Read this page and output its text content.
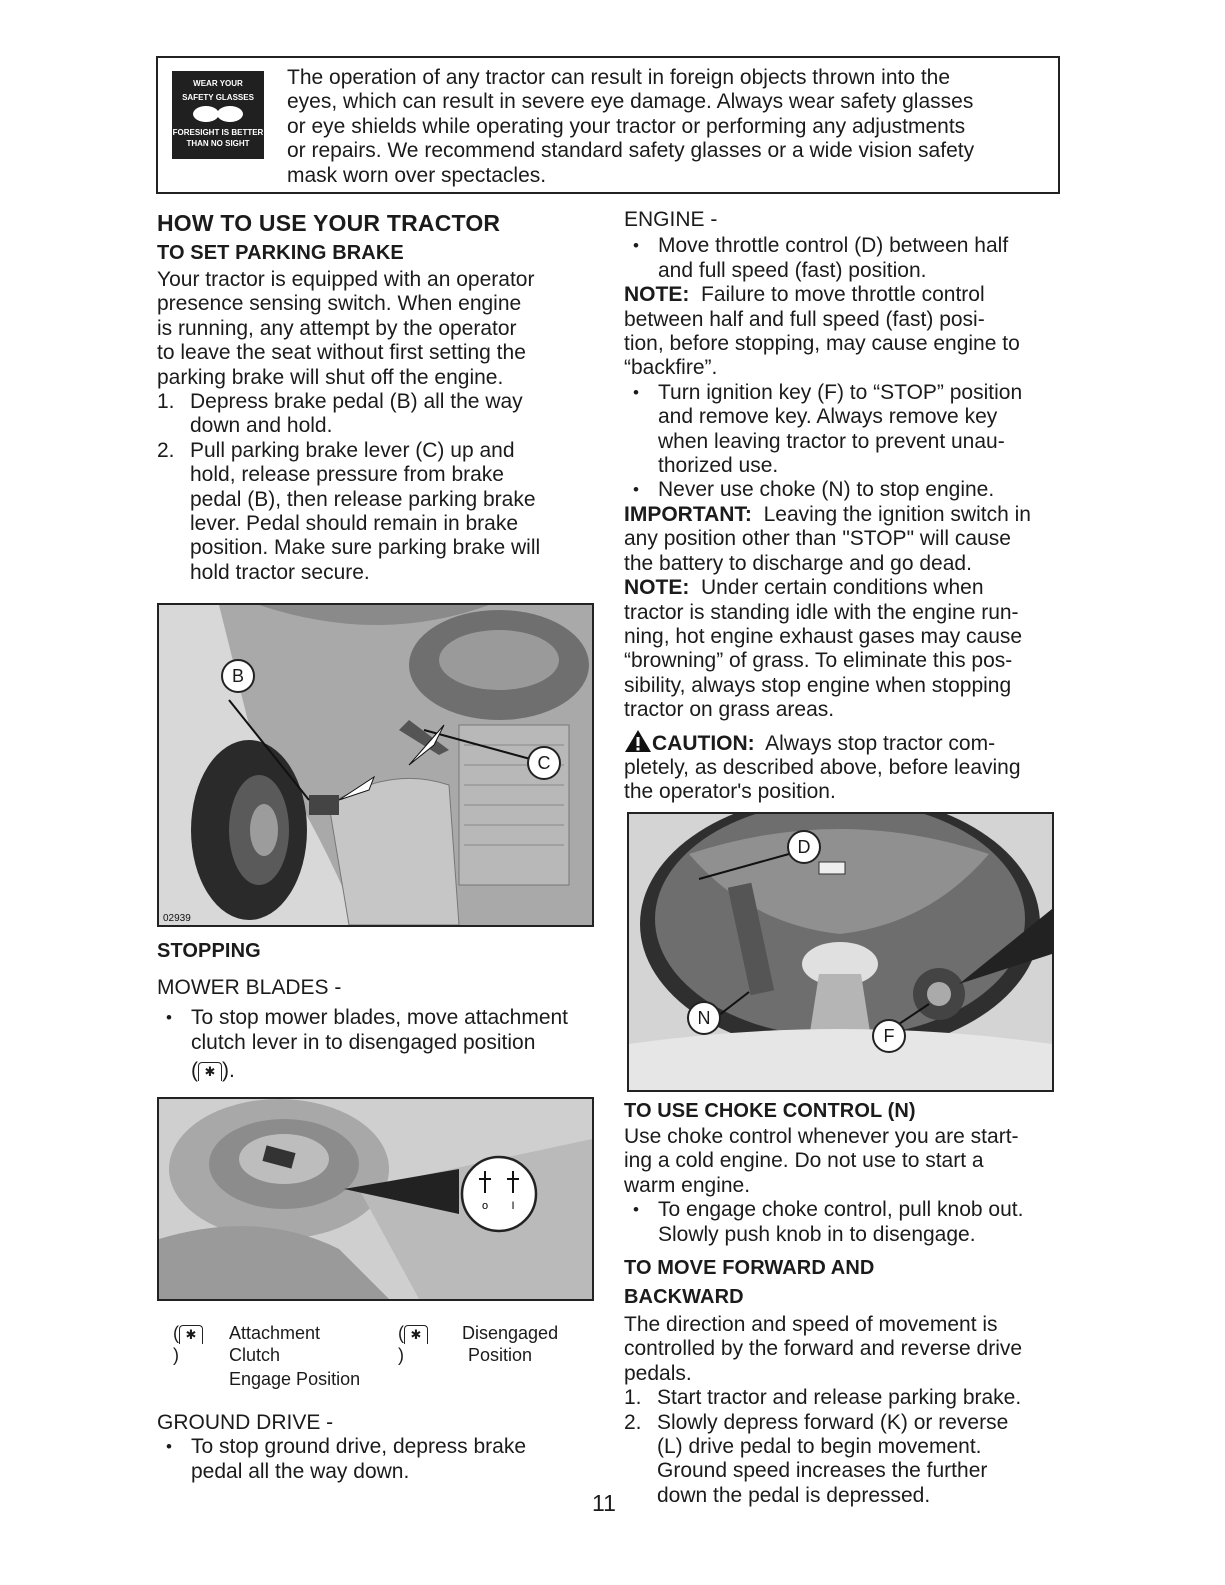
WEAR YOUR
SAFETY GLASSES
FORESIGHT IS BETTER
THAN NO SIGHT
The operation of any tractor can result in foreign objects thrown into the
eyes, which can result in severe eye damage. Always wear safety glasses
or eye shields while operating your tractor or performing any adjustments
or repairs. We recommend standard safety glasses or a wide vision safety
mask worn over spectacles.
HOW TO USE YOUR TRACTOR
TO SET PARKING BRAKE
Your tractor is equipped with an operator
presence sensing switch. When engine
is running, any attempt by the operator
to leave the seat without first setting the
parking brake will shut off the engine.
1. Depress brake pedal (B) all the way
down and hold.
2. Pull parking brake lever (C) up and
hold, release pressure from brake
pedal (B), then release parking brake
lever. Pedal should remain in brake
position. Make sure parking brake will
hold tractor secure.
02939
B
C
STOPPING
MOWER BLADES -
• To stop mower blades, move attachment
clutch lever in to disengaged position
( ✱ ).
o I
( ✱)
Attachment
Clutch
Engage Position
( ✱)
Disengaged
Position
GROUND DRIVE -
• To stop ground drive, depress brake
pedal all the way down.
ENGINE -
• Move throttle control (D) between half
and full speed (fast) position.
NOTE: Failure to move throttle control
between half and full speed (fast) posi-
tion, before stopping, may cause engine to
“backfire”.
• Turn ignition key (F) to “STOP” position
and remove key. Always remove key
when leaving tractor to prevent unau-
thorized use.
• Never use choke (N) to stop engine.
IMPORTANT: Leaving the ignition switch in
any position other than "STOP" will cause
the battery to discharge and go dead.
NOTE: Under certain conditions when
tractor is standing idle with the engine run-
ning, hot engine exhaust gases may cause
“browning” of grass. To eliminate this pos-
sibility, always stop engine when stopping
tractor on grass areas.
CAUTION: Always stop tractor com-
pletely, as described above, before leaving
the operator's position.
D
N
F
TO USE CHOKE CONTROL (N)
Use choke control whenever you are start-
ing a cold engine. Do not use to start a
warm engine.
• To engage choke control, pull knob out.
Slowly push knob in to disengage.
TO MOVE FORWARD AND
BACKWARD
The direction and speed of movement is
controlled by the forward and reverse drive
pedals.
1. Start tractor and release parking brake.
2. Slowly depress forward (K) or reverse
(L) drive pedal to begin movement.
Ground speed increases the further
down the pedal is depressed.
11
